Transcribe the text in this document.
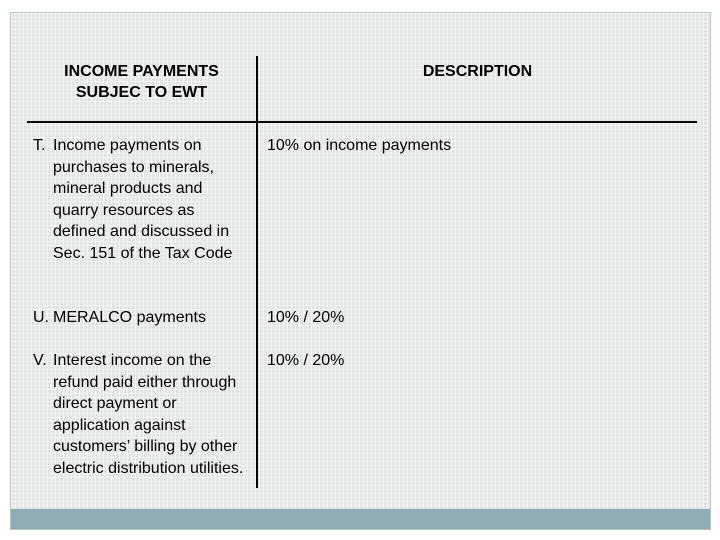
INCOME PAYMENTS
SUBJEC TO EWT	DESCRIPTION

T. Income payments on purchases to minerals, mineral products and quarry resources as defined and discussed in Sec. 151 of the Tax Code	10% on income payments

U. MERALCO payments	10% / 20%

V. Interest income on the refund paid either through direct payment or application against customers’ billing by other electric distribution utilities.	10% / 20%
